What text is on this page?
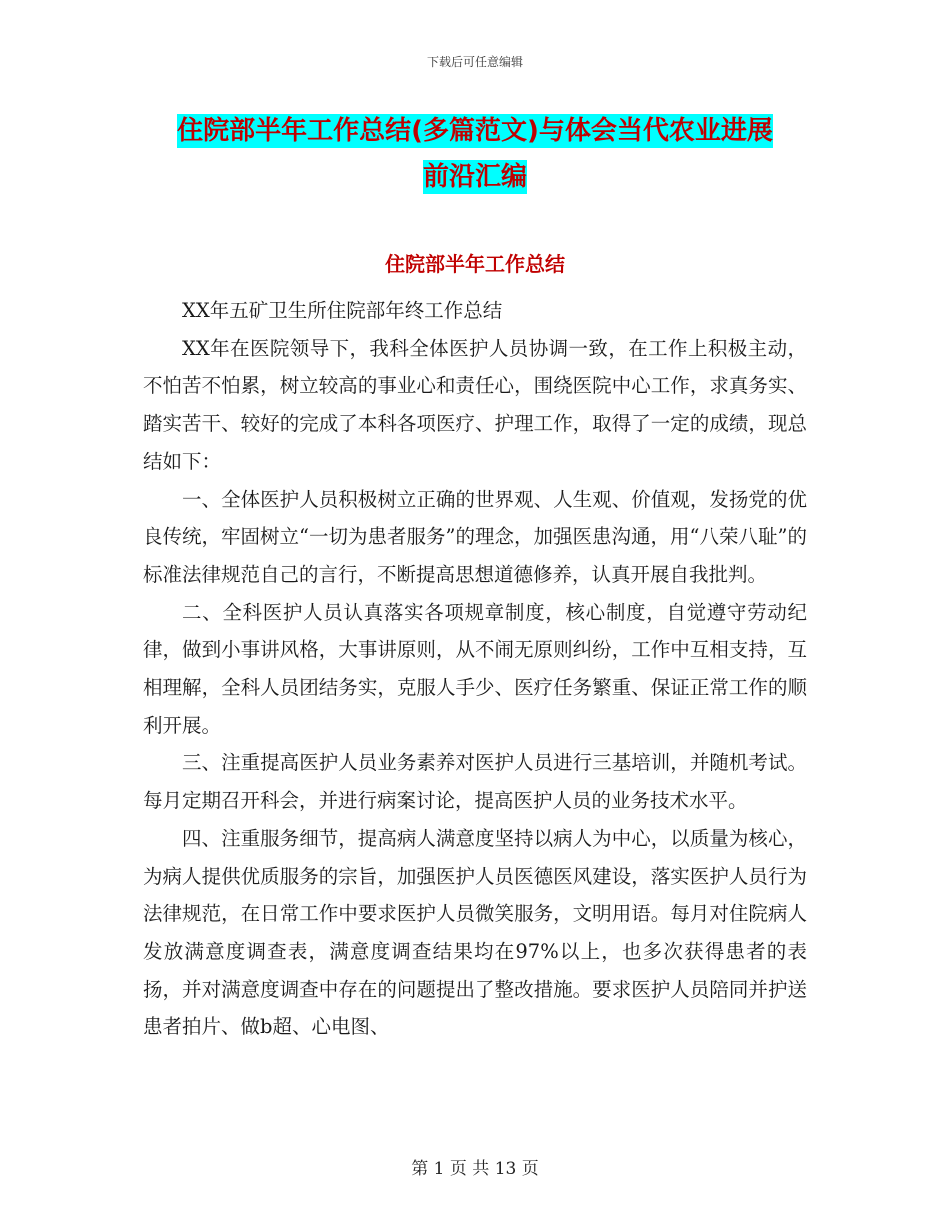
下载后可任意编辑
住院部半年工作总结(多篇范文)与体会当代农业进展
前沿汇编
住院部半年工作总结

XX年五矿卫生所住院部年终工作总结

XX年在医院领导下，我科全体医护人员协调一致，在工作上积极主动，不怕苦不怕累，树立较高的事业心和责任心，围绕医院中心工作，求真务实、踏实苦干、较好的完成了本科各项医疗、护理工作，取得了一定的成绩，现总结如下：

一、全体医护人员积极树立正确的世界观、人生观、价值观，发扬党的优良传统，牢固树立“一切为患者服务”的理念，加强医患沟通，用“八荣八耻”的标准法律规范自己的言行，不断提高思想道德修养，认真开展自我批判。

二、全科医护人员认真落实各项规章制度，核心制度，自觉遵守劳动纪律，做到小事讲风格，大事讲原则，从不闹无原则纠纷，工作中互相支持，互相理解，全科人员团结务实，克服人手少、医疗任务繁重、保证正常工作的顺利开展。

三、注重提高医护人员业务素养对医护人员进行三基培训，并随机考试。每月定期召开科会，并进行病案讨论，提高医护人员的业务技术水平。

四、注重服务细节，提高病人满意度坚持以病人为中心，以质量为核心，为病人提供优质服务的宗旨，加强医护人员医德医风建设，落实医护人员行为法律规范，在日常工作中要求医护人员微笑服务，文明用语。每月对住院病人发放满意度调查表，满意度调查结果均在97%以上，也多次获得患者的表扬，并对满意度调查中存在的问题提出了整改措施。要求医护人员陪同并护送患者拍片、做b超、心电图、

第 1 页 共 13 页
